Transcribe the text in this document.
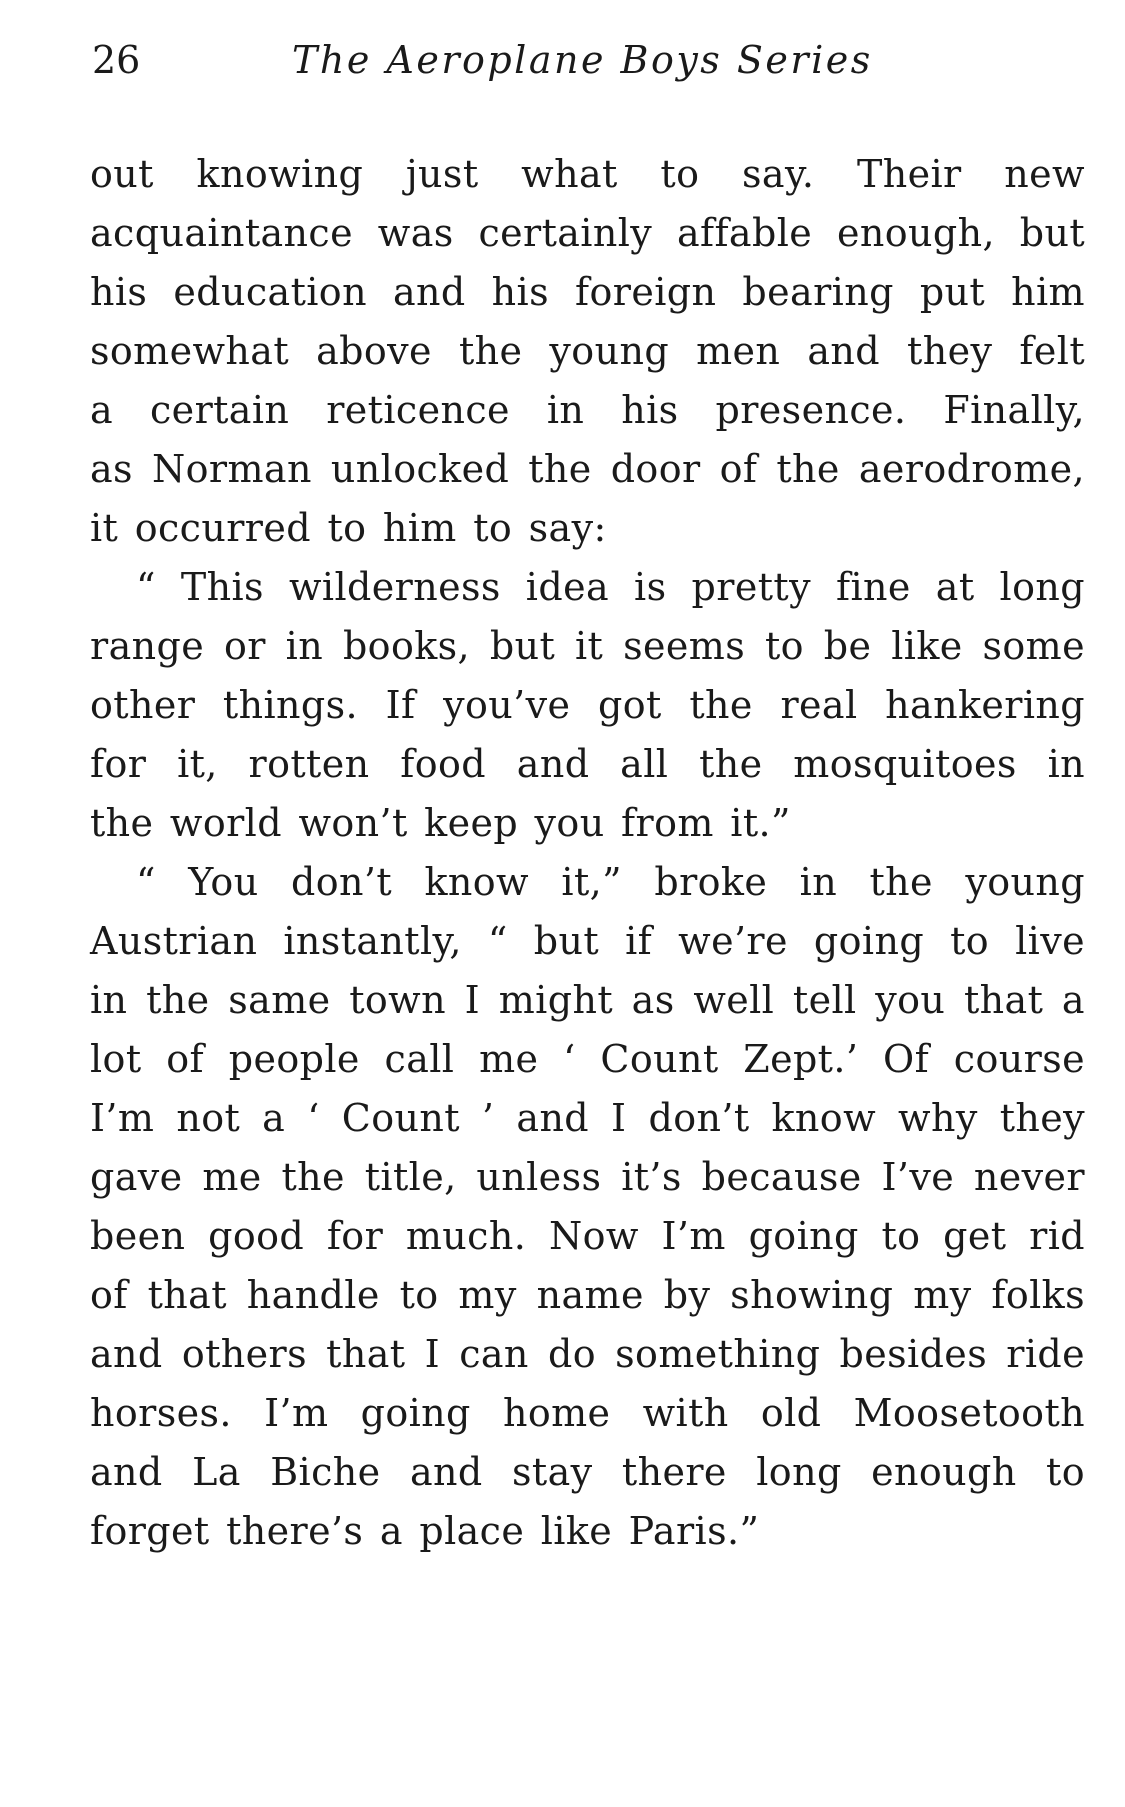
26	The Aeroplane Boys Series
out knowing just what to say. Their new
acquaintance was certainly affable enough, but
his education and his foreign bearing put him
somewhat above the young men and they felt
a certain reticence in his presence. Finally,
as Norman unlocked the door of the aerodrome,
it occurred to him to say:
“ This wilderness idea is pretty fine at long
range or in books, but it seems to be like some
other things. If you’ve got the real hankering
for it, rotten food and all the mosquitoes in
the world won’t keep you from it.”
“ You don’t know it,” broke in the young
Austrian instantly, “ but if we’re going to live
in the same town I might as well tell you that a
lot of people call me ‘ Count Zept.’ Of course
I’m not a ‘ Count ’ and I don’t know why they
gave me the title, unless it’s because I’ve never
been good for much. Now I’m going to get rid
of that handle to my name by showing my folks
and others that I can do something besides ride
horses. I’m going home with old Moosetooth
and La Biche and stay there long enough to
forget there’s a place like Paris.”
